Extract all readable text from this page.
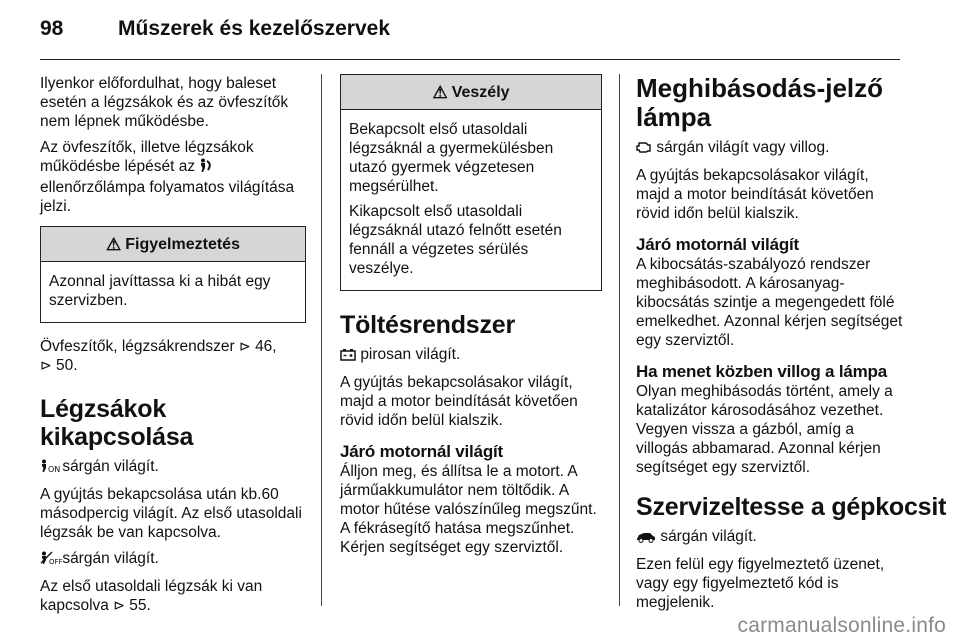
98	Műszerek és kezelőszervek

Ilyenkor előfordulhat, hogy baleset esetén a légzsákok és az övfeszítők nem lépnek működésbe.

Az övfeszítők, illetve légzsákok működésbe lépését az  ellenőrzőlámpa folyamatos világítása jelzi.

⚠ Figyelmeztetés

Azonnal javíttassa ki a hibát egy szervizben.

Övfeszítők, légzsákrendszer ⊳ 46,
⊳ 50.

Légzsákok kikapcsolása

ON sárgán világít.

A gyújtás bekapcsolása után kb.60 másodpercig világít. Az első utasoldali légzsák be van kapcsolva.

OFF sárgán világít.

Az első utasoldali légzsák ki van kapcsolva ⊳ 55.

⚠ Veszély

Bekapcsolt első utasoldali légzsáknál a gyermekülésben utazó gyermek végzetesen megsérülhet.

Kikapcsolt első utasoldali légzsáknál utazó felnőtt esetén fennáll a végzetes sérülés veszélye.

Töltésrendszer

pirosan világít.

A gyújtás bekapcsolásakor világít, majd a motor beindítását követően rövid időn belül kialszik.

Járó motornál világít

Álljon meg, és állítsa le a motort. A járműakkumulátor nem töltődik. A motor hűtése valószínűleg megszűnt. A fékrásegítő hatása megszűnhet. Kérjen segítséget egy szerviztől.

Meghibásodás-jelző lámpa

sárgán világít vagy villog.

A gyújtás bekapcsolásakor világít, majd a motor beindítását követően rövid időn belül kialszik.

Járó motornál világít

A kibocsátás-szabályozó rendszer meghibásodott. A károsanyag-kibocsátás szintje a megengedett fölé emelkedhet. Azonnal kérjen segítséget egy szerviztől.

Ha menet közben villog a lámpa

Olyan meghibásodás történt, amely a katalizátor károsodásához vezethet. Vegyen vissza a gázból, amíg a villogás abbamarad. Azonnal kérjen segítséget egy szerviztől.

Szervizeltesse a gépkocsit

sárgán világít.

Ezen felül egy figyelmeztető üzenet, vagy egy figyelmeztető kód is megjelenik.

carmanualsonline.info
